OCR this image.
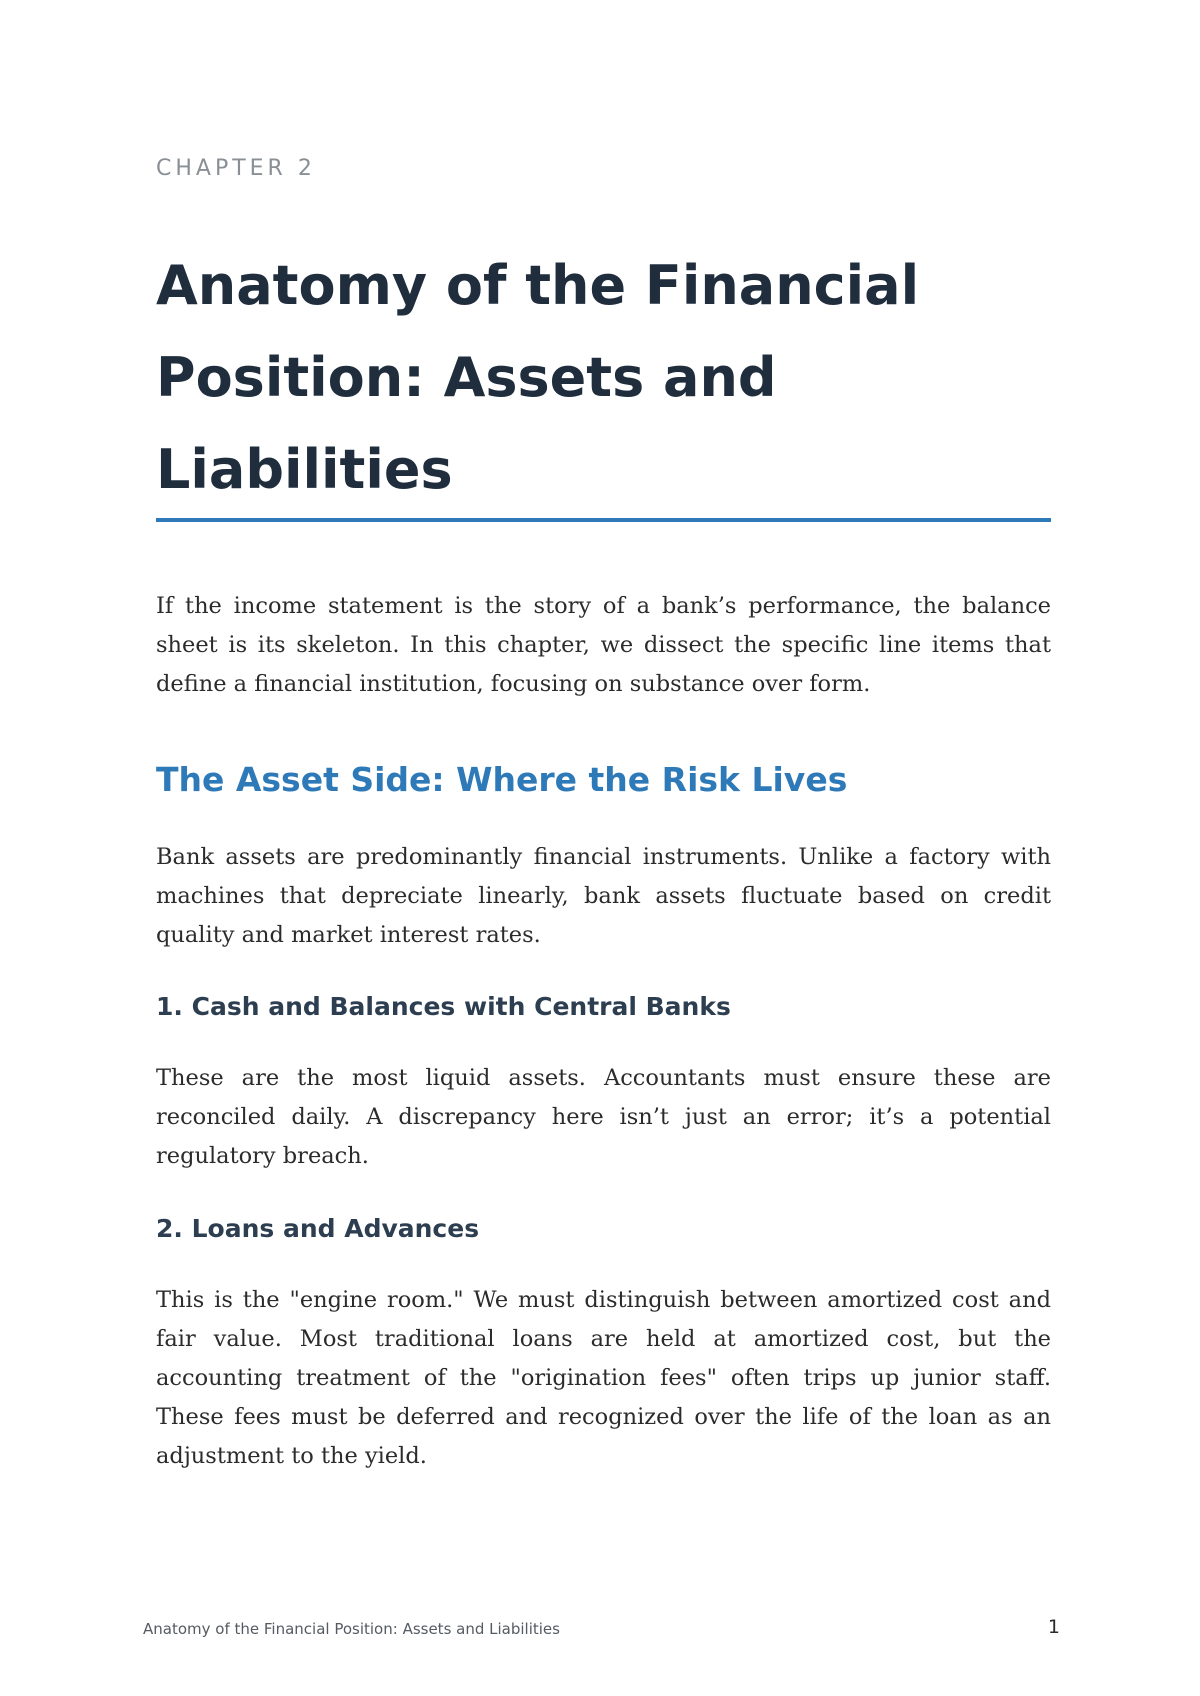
CHAPTER 2
Anatomy of the Financial Position: Assets and Liabilities

If the income statement is the story of a bank’s performance, the balance sheet is its skeleton. In this chapter, we dissect the specific line items that define a financial institution, focusing on substance over form.

The Asset Side: Where the Risk Lives

Bank assets are predominantly financial instruments. Unlike a factory with machines that depreciate linearly, bank assets fluctuate based on credit quality and market interest rates.

1. Cash and Balances with Central Banks

These are the most liquid assets. Accountants must ensure these are reconciled daily. A discrepancy here isn’t just an error; it’s a potential regulatory breach.

2. Loans and Advances

This is the "engine room." We must distinguish between amortized cost and fair value. Most traditional loans are held at amortized cost, but the accounting treatment of the "origination fees" often trips up junior staff. These fees must be deferred and recognized over the life of the loan as an adjustment to the yield.

Anatomy of the Financial Position: Assets and Liabilities	1
